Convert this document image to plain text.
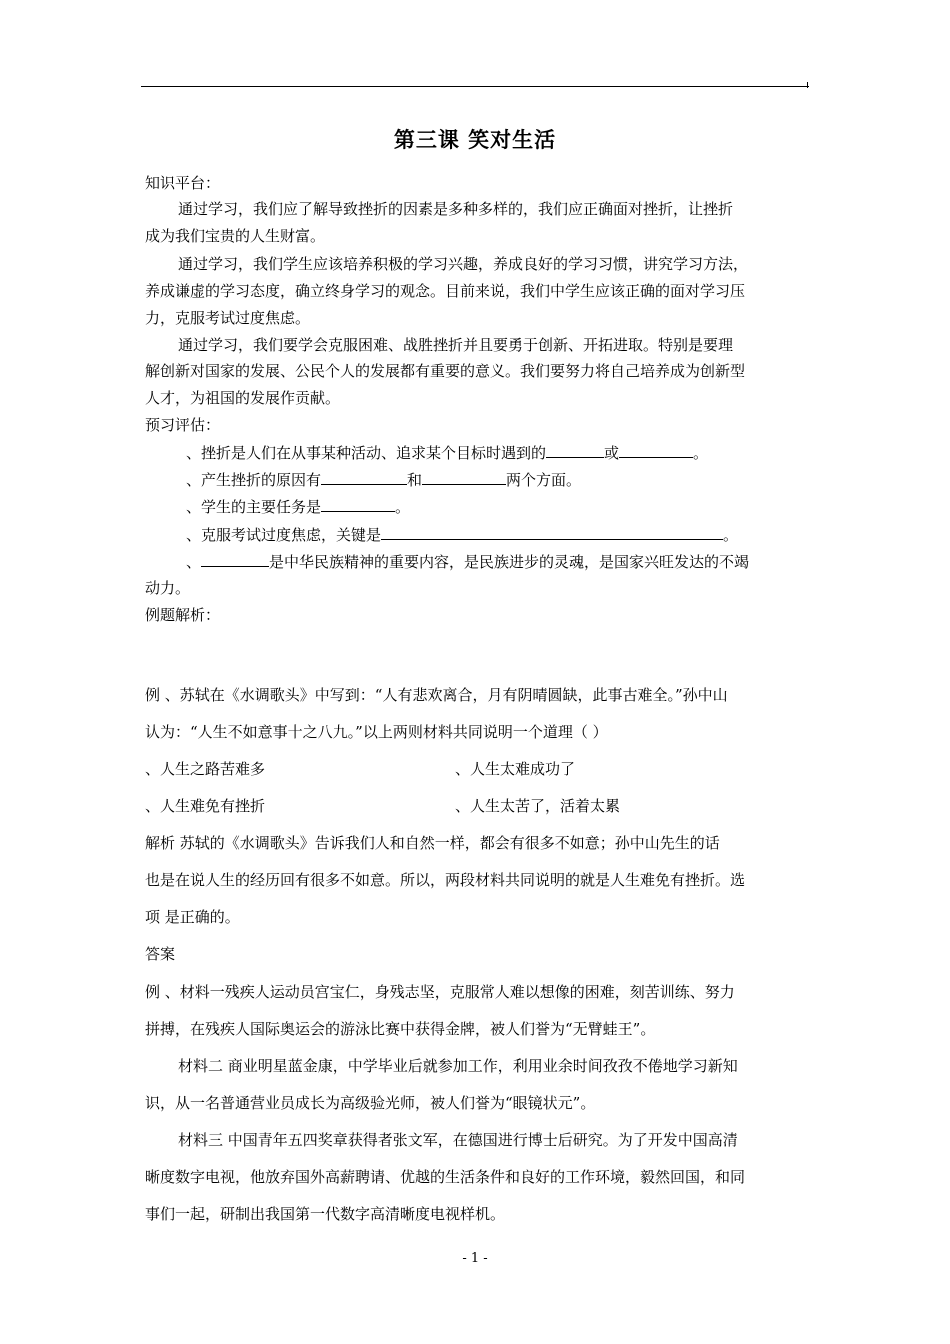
第三课 笑对生活
知识平台：
通过学习，我们应了解导致挫折的因素是多种多样的，我们应正确面对挫折，让挫折
成为我们宝贵的人生财富。
通过学习，我们学生应该培养积极的学习兴趣，养成良好的学习习惯，讲究学习方法，
养成谦虚的学习态度，确立终身学习的观念。目前来说，我们中学生应该正确的面对学习压
力，克服考试过度焦虑。
通过学习，我们要学会克服困难、战胜挫折并且要勇于创新、开拓进取。特别是要理
解创新对国家的发展、公民个人的发展都有重要的意义。我们要努力将自己培养成为创新型
人才，为祖国的发展作贡献。
预习评估：
、挫折是人们在从事某种活动、追求某个目标时遇到的	或	。
、产生挫折的原因有	和	两个方面。
、学生的主要任务是	。
、克服考试过度焦虑，关键是	。
、	是中华民族精神的重要内容，是民族进步的灵魂，是国家兴旺发达的不竭
动力。
例题解析：
例 、苏轼在《水调歌头》中写到：“人有悲欢离合，月有阴晴圆缺，此事古难全。”孙中山
认为：“人生不如意事十之八九。”以上两则材料共同说明一个道理（ ）
、人生之路苦难多	、人生太难成功了
、人生难免有挫折	、人生太苦了，活着太累
解析 苏轼的《水调歌头》告诉我们人和自然一样，都会有很多不如意；孙中山先生的话
也是在说人生的经历回有很多不如意。所以，两段材料共同说明的就是人生难免有挫折。选
项 是正确的。
答案
例 、材料一残疾人运动员宫宝仁，身残志坚，克服常人难以想像的困难，刻苦训练、努力
拼搏，在残疾人国际奥运会的游泳比赛中获得金牌，被人们誉为“无臂蛙王”。
材料二 商业明星蓝金康，中学毕业后就参加工作，利用业余时间孜孜不倦地学习新知
识，从一名普通营业员成长为高级验光师，被人们誉为“眼镜状元”。
材料三 中国青年五四奖章获得者张文军，在德国进行博士后研究。为了开发中国高清
晰度数字电视，他放弃国外高薪聘请、优越的生活条件和良好的工作环境，毅然回国，和同
事们一起，研制出我国第一代数字高清晰度电视样机。
- 1 -
